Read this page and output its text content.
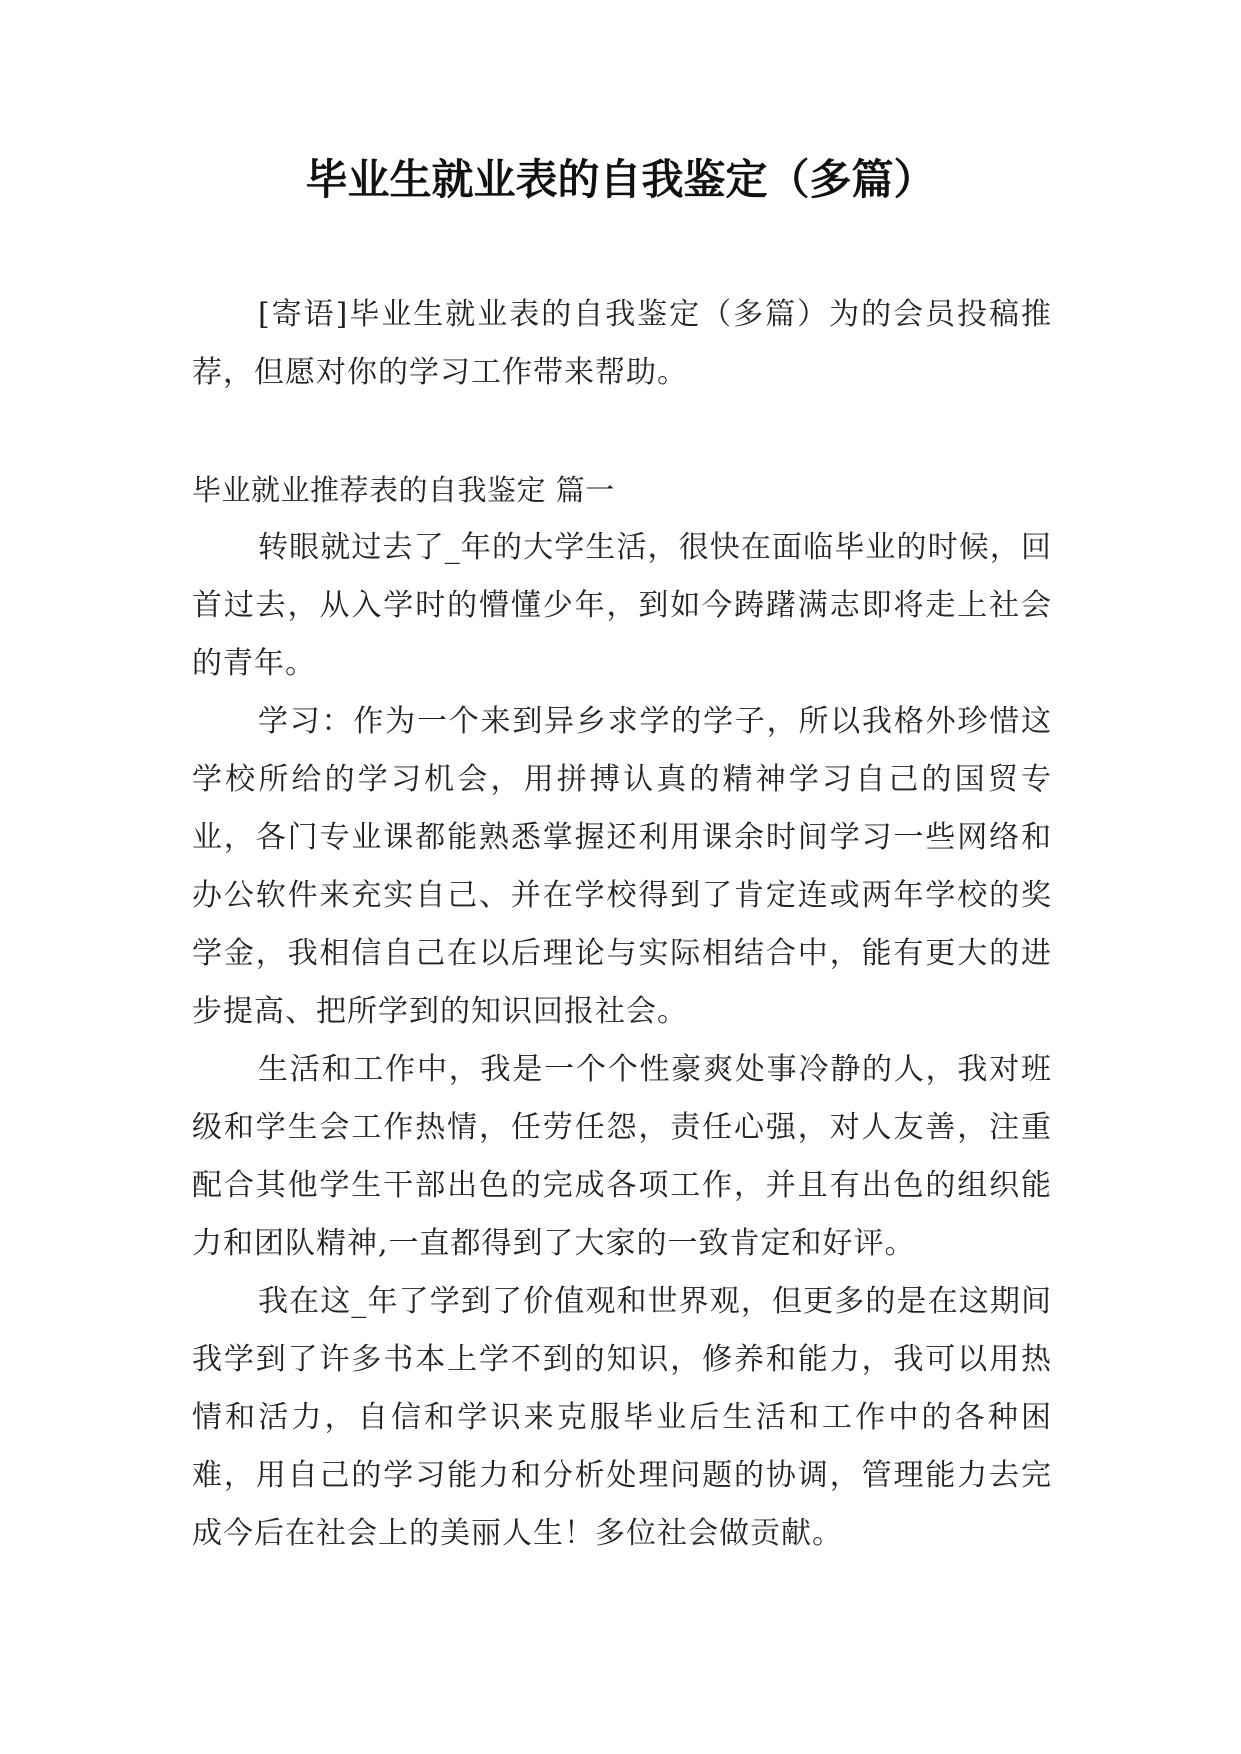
毕业生就业表的自我鉴定（多篇）

[寄语]毕业生就业表的自我鉴定（多篇）为的会员投稿推荐，但愿对你的学习工作带来帮助。

毕业就业推荐表的自我鉴定 篇一

转眼就过去了_年的大学生活，很快在面临毕业的时候，回首过去，从入学时的懵懂少年，到如今踌躇满志即将走上社会的青年。

学习：作为一个来到异乡求学的学子，所以我格外珍惜这学校所给的学习机会，用拼搏认真的精神学习自己的国贸专业，各门专业课都能熟悉掌握还利用课余时间学习一些网络和办公软件来充实自己、并在学校得到了肯定连或两年学校的奖学金，我相信自己在以后理论与实际相结合中，能有更大的进步提高、把所学到的知识回报社会。

生活和工作中，我是一个个性豪爽处事冷静的人，我对班级和学生会工作热情，任劳任怨，责任心强，对人友善，注重配合其他学生干部出色的完成各项工作，并且有出色的组织能力和团队精神,一直都得到了大家的一致肯定和好评。

我在这_年了学到了价值观和世界观，但更多的是在这期间我学到了许多书本上学不到的知识，修养和能力，我可以用热情和活力，自信和学识来克服毕业后生活和工作中的各种困难，用自己的学习能力和分析处理问题的协调，管理能力去完成今后在社会上的美丽人生！多位社会做贡献。
